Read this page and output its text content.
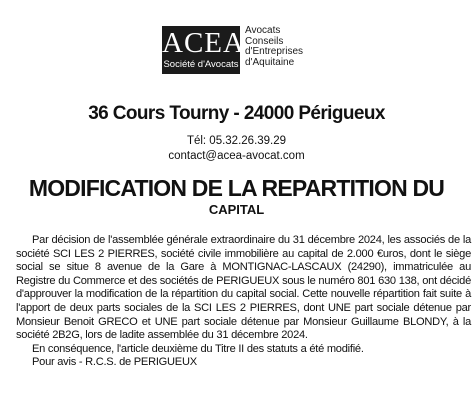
ACEA
Société d'Avocats
Avocats
Conseils
d'Entreprises
d'Aquitaine
36 Cours Tourny - 24000 Périgueux
Tél: 05.32.26.39.29
contact@acea-avocat.com
MODIFICATION DE LA REPARTITION DU
CAPITAL

Par décision de l'assemblée générale extraordinaire du 31 décembre 2024, les associés de la société SCI LES 2 PIERRES, société civile immobilière au capital de 2.000 €uros, dont le siège social se situe 8 avenue de la Gare à MONTIGNAC-LASCAUX (24290), immatriculée au Registre du Commerce et des sociétés de PERIGUEUX sous le numéro 801 630 138, ont décidé d'approuver la modification de la répartition du capital social. Cette nouvelle répartition fait suite à l'apport de deux parts sociales de la SCI LES 2 PIERRES, dont UNE part sociale détenue par Monsieur Benoit GRECO et UNE part sociale détenue par Monsieur Guillaume BLONDY, à la société 2B2G, lors de ladite assemblée du 31 décembre 2024.

En conséquence, l'article deuxième du Titre II des statuts a été modifié.

Pour avis - R.C.S. de PERIGUEUX
